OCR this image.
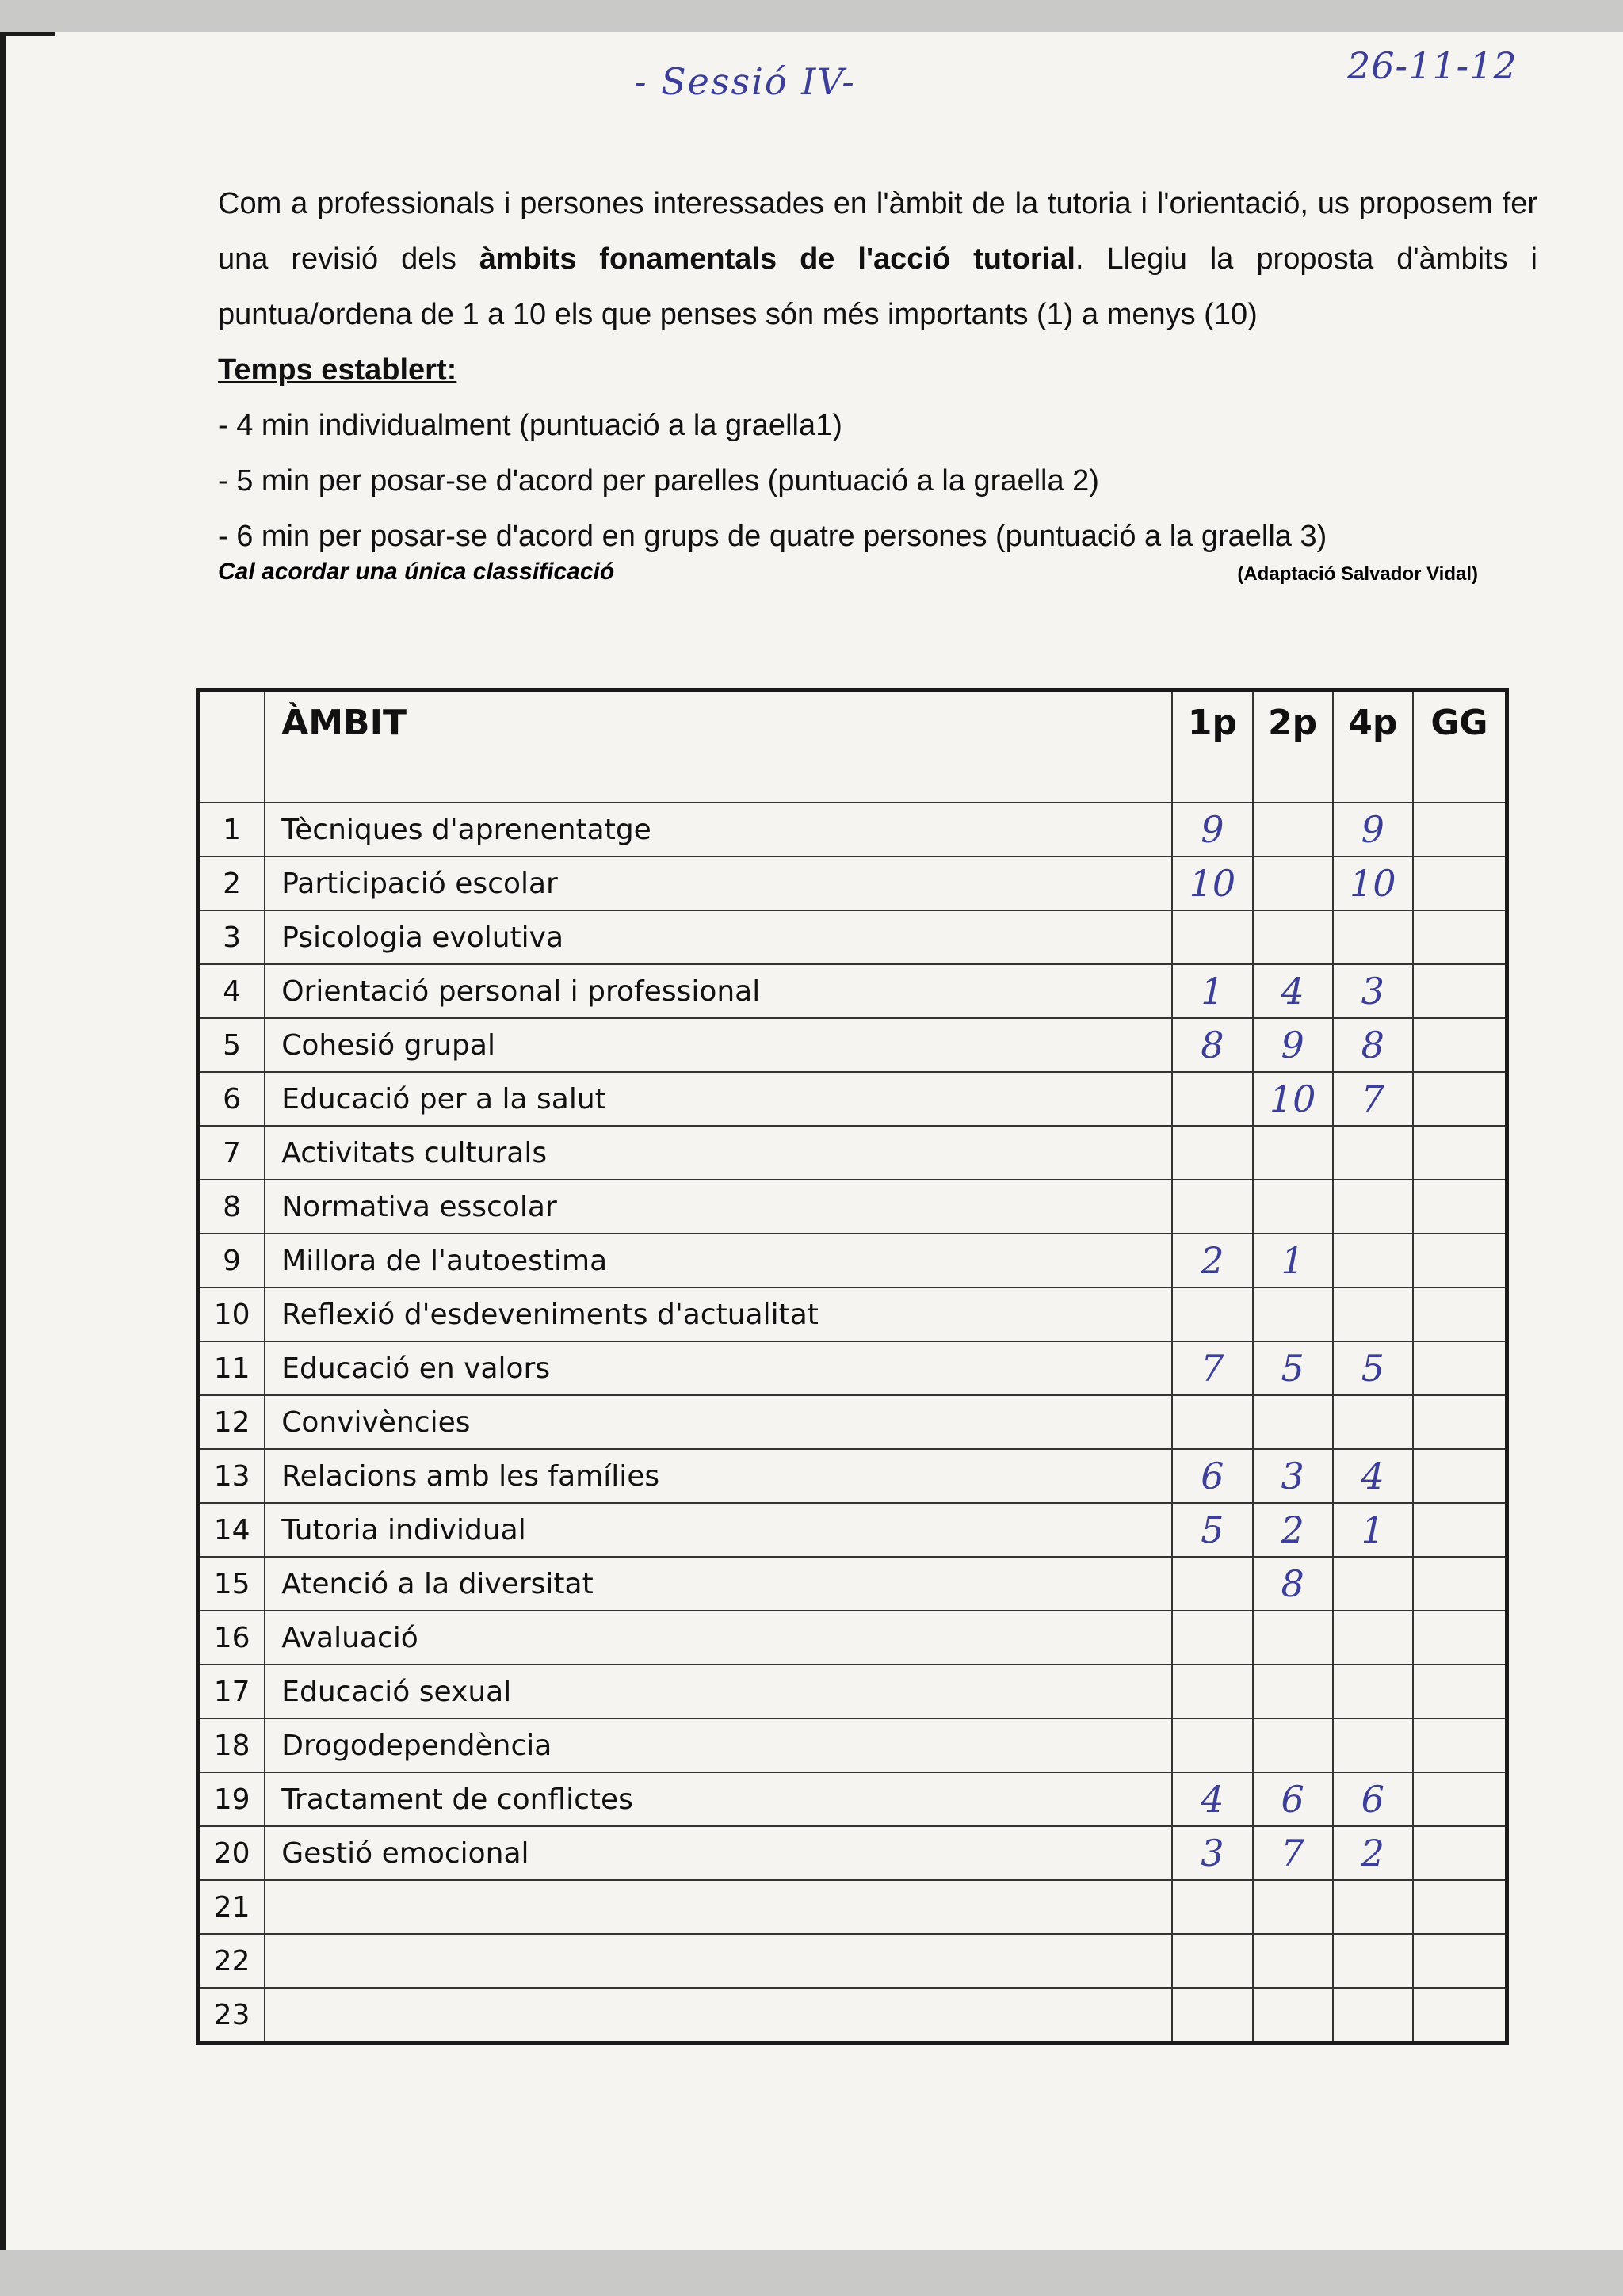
- Sessió IV-	26-11-12

Com a professionals i persones interessades en l'àmbit de la tutoria i l'orientació, us proposem fer una revisió dels àmbits fonamentals de l'acció tutorial. Llegiu la proposta d'àmbits i puntua/ordena de 1 a 10 els que penses són més importants (1) a menys (10)

Temps establert:

- 4 min individualment (puntuació a la graella1)

- 5 min per posar-se d'acord per parelles (puntuació a la graella 2)

- 6 min per posar-se d'acord en grups de quatre persones (puntuació a la graella 3)

Cal acordar una única classificació	(Adaptació Salvador Vidal)
	ÀMBIT	1p	2p	4p	GG
1	Tècniques d'aprenentatge	9		9	
2	Participació escolar	10		10	
3	Psicologia evolutiva				
4	Orientació personal i professional	1	4	3	
5	Cohesió grupal	8	9	8	
6	Educació per a la salut		10	7	
7	Activitats culturals				
8	Normativa esscolar				
9	Millora de l'autoestima	2	1		
10	Reflexió d'esdeveniments d'actualitat				
11	Educació en valors	7	5	5	
12	Convivències				
13	Relacions amb les famílies	6	3	4	
14	Tutoria individual	5	2	1	
15	Atenció a la diversitat		8		
16	Avaluació				
17	Educació sexual				
18	Drogodependència				
19	Tractament de conflictes	4	6	6	
20	Gestió emocional	3	7	2	
21					
22					
23					
